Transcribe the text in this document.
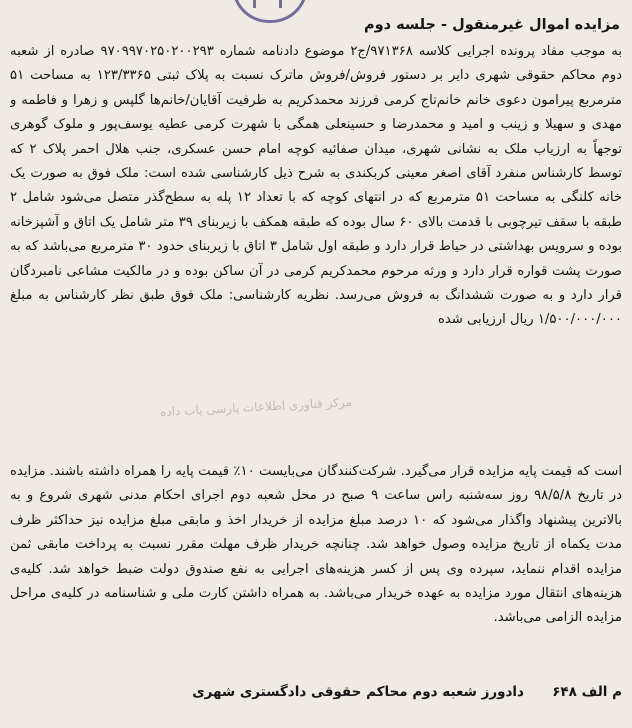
مزایده اموال غیرمنقول - جلسه دوم

به موجب مفاد پرونده اجرایی کلاسه ۹۷۱۳۶۸/ج۲ موضوع دادنامه شماره ۹۷۰۹۹۷۰۲۵۰۲۰۰۲۹۳ صادره از شعبه دوم محاکم حقوقی شهری دایر بر دستور فروش/فروش ماترک نسبت به پلاک ثبتی ۱۲۳/۳۳۶۵ به مساحت ۵۱ مترمربع پیرامون دعوی خانم خانم‌تاج کرمی فرزند محمدکریم به طرفیت آقایان/خانم‌ها گلپس و زهرا و فاطمه و مهدی و سهیلا و زینب و امید و محمدرضا و حسینعلی همگی با شهرت کرمی عطیه یوسف‌پور و ملوک گوهری توجهاً به ارزیاب ملک به نشانی شهری، میدان صفائیه کوچه امام حسن عسکری، جنب هلال احمر پلاک ۲ که توسط کارشناس منفرد آقای اصغر معینی کربکندی به شرح ذیل کارشناسی شده است: ملک فوق به صورت یک خانه کلنگی به مساحت ۵۱ مترمربع که در انتهای کوچه که با تعداد ۱۲ پله به سطح‌گذر متصل می‌شود شامل ۲ طبقه با سقف تیرچوبی با قدمت بالای ۶۰ سال بوده که طبقه همکف با زیربنای ۳۹ متر شامل یک اتاق و آشپزخانه بوده و سرویس بهداشتی در حیاط قرار دارد و طبقه اول شامل ۳ اتاق با زیربنای حدود ۳۰ مترمربع می‌باشد که به صورت پشت قواره قرار دارد و ورثه مرحوم محمدکریم کرمی در آن ساکن بوده و در مالکیت مشاعی نامبردگان قرار دارد و به صورت ششدانگ به فروش می‌رسد. نظریه کارشناسی: ملک فوق طبق نظر کارشناس به مبلغ ۱/۵۰۰/۰۰۰/۰۰۰ ریال ارزیابی شده

است که قیمت پایه مزایده قرار می‌گیرد. شرکت‌کنندگان می‌بایست ۱۰٪ قیمت پایه را همراه داشته باشند. مزایده در تاریخ ۹۸/۵/۸ روز سه‌شنبه راس ساعت ۹ صبح در محل شعبه دوم اجرای احکام مدنی شهری شروع و به بالاترین پیشنهاد واگذار می‌شود که ۱۰ درصد مبلغ مزایده از خریدار اخذ و مابقی مبلغ مزایده نیز حداکثر ظرف مدت یکماه از تاریخ مزایده وصول خواهد شد. چنانچه خریدار ظرف مهلت مقرر نسبت به پرداخت مابقی ثمن مزایده اقدام ننماید، سپرده وی پس از کسر هزینه‌های اجرایی به نفع صندوق دولت ضبط خواهد شد. کلیه‌ی هزینه‌های انتقال مورد مزایده به عهده خریدار می‌باشد. به همراه داشتن کارت ملی و شناسنامه در کلیه‌ی مراحل مزایده الزامی می‌باشد.

مرکز فناوری اطلاعات پارسی یاب داده
م الف ۶۴۸
دادورز شعبه دوم محاکم حقوقی دادگستری شهری
